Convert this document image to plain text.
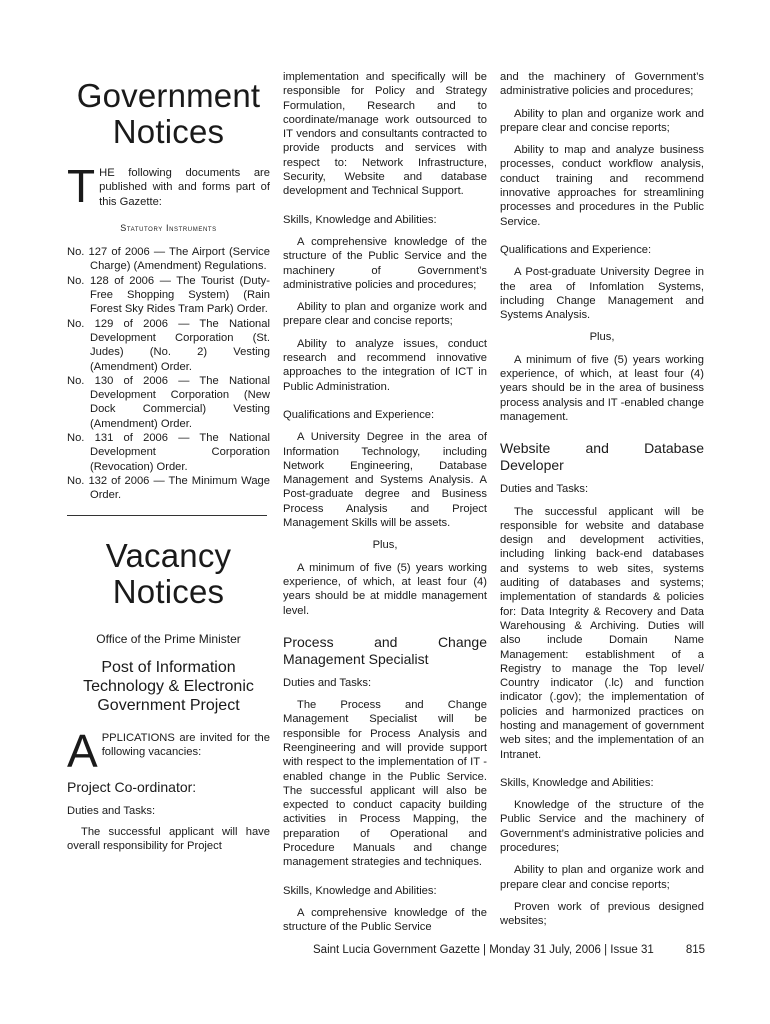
Government
Notices
T HE following documents are published with and forms part of this Gazette:

Statutory Instruments

No. 127 of 2006 — The Airport (Service Charge) (Amendment) Regulations.

No. 128 of 2006 — The Tourist (Duty-Free Shopping System) (Rain Forest Sky Rides Tram Park) Order.

No. 129 of 2006 — The National Development Corporation (St. Judes) (No. 2) Vesting (Amendment) Order.

No. 130 of 2006 — The National Development Corporation (New Dock Commercial) Vesting (Amendment) Order.

No. 131 of 2006 — The National Development Corporation (Revocation) Order.

No. 132 of 2006 — The Minimum Wage Order.

Vacancy
Notices

Office of the Prime Minister

Post of Information Technology & Electronic Government Project

A PPLICATIONS are invited for the following vacancies:

Project Co-ordinator:

Duties and Tasks:

The successful applicant will have overall responsibility for Project

implementation and specifically will be responsible for Policy and Strategy Formulation, Research and to coordinate/manage work outsourced to IT vendors and consultants contracted to provide products and services with respect to: Network Infrastructure, Security, Website and database development and Technical Support.

Skills, Knowledge and Abilities:

A comprehensive knowledge of the structure of the Public Service and the machinery of Government’s administrative policies and procedures;

Ability to plan and organize work and prepare clear and concise reports;

Ability to analyze issues, conduct research and recommend innovative approaches to the integration of ICT in Public Administration.

Qualifications and Experience:

A University Degree in the area of Information Technology, including Network Engineering, Database Management and Systems Analysis. A Post-graduate degree and Business Process Analysis and Project Management Skills will be assets.

Plus,

A minimum of five (5) years working experience, of which, at least four (4) years should be at middle management level.

Process and Change Management Specialist

Duties and Tasks:

The Process and Change Management Specialist will be responsible for Process Analysis and Reengineering and will provide support with respect to the implementation of IT -enabled change in the Public Service. The successful applicant will also be expected to conduct capacity building activities in Process Mapping, the preparation of Operational and Procedure Manuals and change management strategies and techniques.

Skills, Knowledge and Abilities:

A comprehensive knowledge of the structure of the Public Service

and the machinery of Government’s administrative policies and procedures;

Ability to plan and organize work and prepare clear and concise reports;

Ability to map and analyze business processes, conduct workflow analysis, conduct training and recommend innovative approaches for streamlining processes and procedures in the Public Service.

Qualifications and Experience:

A Post-graduate University Degree in the area of Infomlation Systems, including Change Management and Systems Analysis.

Plus,

A minimum of five (5) years working experience, of which, at least four (4) years should be in the area of business process analysis and IT -enabled change management.

Website and Database Developer

Duties and Tasks:

The successful applicant will be responsible for website and database design and development activities, including linking back-end databases and systems to web sites, systems auditing of databases and systems; implementation of standards & policies for: Data Integrity & Recovery and Data Warehousing & Archiving. Duties will also include Domain Name Management: establishment of a Registry to manage the Top level/ Country indicator (.lc) and function indicator (.gov); the implementation of policies and harmonized practices on hosting and management of government web sites; and the implementation of an Intranet.

Skills, Knowledge and Abilities:

Knowledge of the structure of the Public Service and the machinery of Government’s administrative policies and procedures;

Ability to plan and organize work and prepare clear and concise reports;

Proven work of previous designed websites;

Saint Lucia Government Gazette | Monday 31 July, 2006 | Issue 31	815
